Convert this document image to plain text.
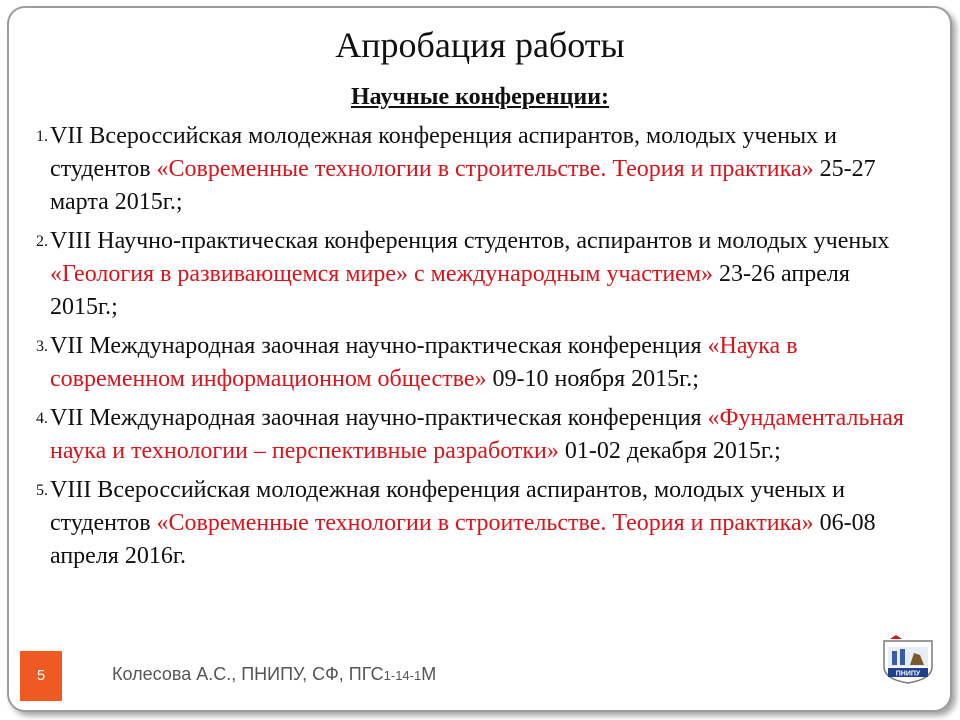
Апробация работы
Научные конференции:
1. VII Всероссийская молодежная конференция аспирантов, молодых ученых и студентов «Современные технологии в строительстве. Теория и практика» 25-27 марта 2015г.;
2. VIII Научно-практическая конференция студентов, аспирантов и молодых ученых «Геология в развивающемся мире» с международным участием» 23-26 апреля 2015г.;
3. VII Международная заочная научно-практическая конференция «Наука в современном информационном обществе» 09-10 ноября 2015г.;
4. VII Международная заочная научно-практическая конференция «Фундаментальная наука и технологии – перспективные разработки» 01-02 декабря 2015г.;
5. VIII Всероссийская молодежная конференция аспирантов, молодых ученых и студентов «Современные технологии в строительстве. Теория и практика» 06-08 апреля 2016г.
5	Колесова А.С., ПНИПУ, СФ, ПГС1-14-1М	ПНИПУ
